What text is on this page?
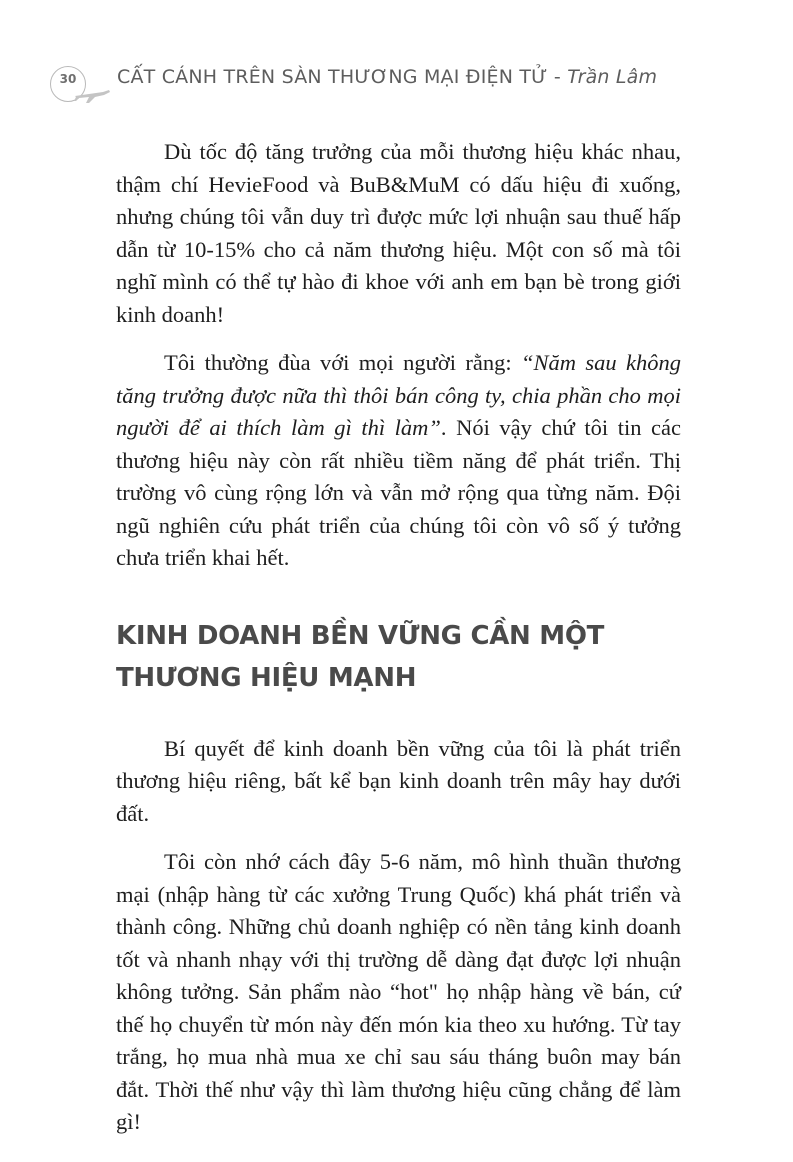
30	CẤT CÁNH TRÊN SÀN THƯƠNG MẠI ĐIỆN TỬ - Trần Lâm

Dù tốc độ tăng trưởng của mỗi thương hiệu khác nhau, thậm chí HevieFood và BuB&MuM có dấu hiệu đi xuống, nhưng chúng tôi vẫn duy trì được mức lợi nhuận sau thuế hấp dẫn từ 10-15% cho cả năm thương hiệu. Một con số mà tôi nghĩ mình có thể tự hào đi khoe với anh em bạn bè trong giới kinh doanh!

Tôi thường đùa với mọi người rằng: “Năm sau không tăng trưởng được nữa thì thôi bán công ty, chia phần cho mọi người để ai thích làm gì thì làm”. Nói vậy chứ tôi tin các thương hiệu này còn rất nhiều tiềm năng để phát triển. Thị trường vô cùng rộng lớn và vẫn mở rộng qua từng năm. Đội ngũ nghiên cứu phát triển của chúng tôi còn vô số ý tưởng chưa triển khai hết.

KINH DOANH BỀN VỮNG CẦN MỘT THƯƠNG HIỆU MẠNH

Bí quyết để kinh doanh bền vững của tôi là phát triển thương hiệu riêng, bất kể bạn kinh doanh trên mây hay dưới đất.

Tôi còn nhớ cách đây 5-6 năm, mô hình thuần thương mại (nhập hàng từ các xưởng Trung Quốc) khá phát triển và thành công. Những chủ doanh nghiệp có nền tảng kinh doanh tốt và nhanh nhạy với thị trường dễ dàng đạt được lợi nhuận không tưởng. Sản phẩm nào “hot" họ nhập hàng về bán, cứ thế họ chuyển từ món này đến món kia theo xu hướng. Từ tay trắng, họ mua nhà mua xe chỉ sau sáu tháng buôn may bán đắt. Thời thế như vậy thì làm thương hiệu cũng chẳng để làm gì!
